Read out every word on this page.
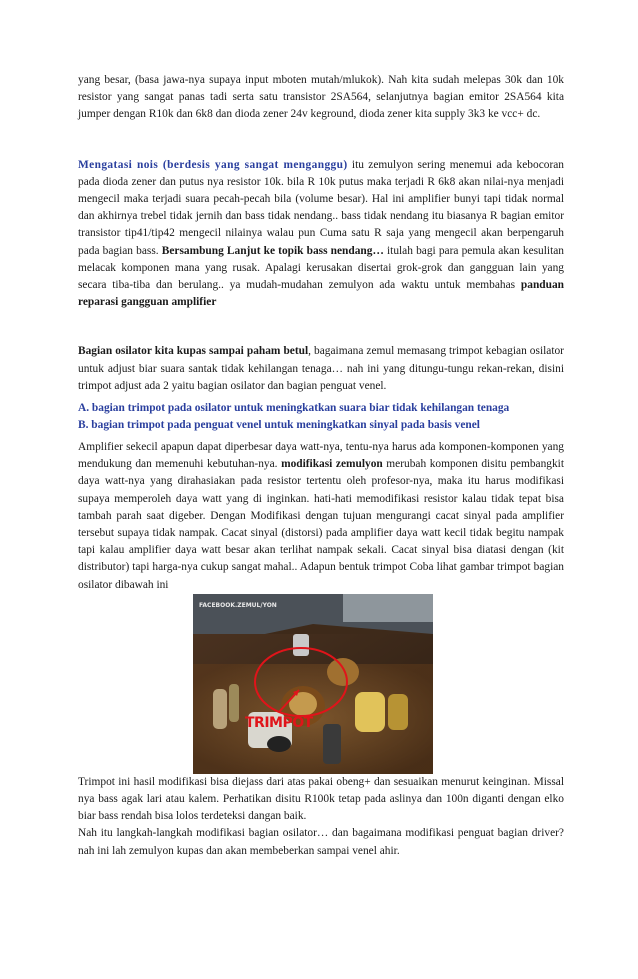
yang besar, (basa jawa-nya supaya input mboten mutah/mlukok). Nah kita sudah melepas 30k dan 10k resistor yang sangat panas tadi serta satu transistor 2SA564, selanjutnya bagian emitor 2SA564 kita jumper dengan R10k dan 6k8 dan dioda zener 24v keground, dioda zener kita supply 3k3 ke vcc+ dc.

Mengatasi nois (berdesis yang sangat menganggu) itu zemulyon sering menemui ada kebocoran pada dioda zener dan putus nya resistor 10k. bila R 10k putus maka terjadi R 6k8 akan nilai-nya menjadi mengecil maka terjadi suara pecah-pecah bila (volume besar). Hal ini amplifier bunyi tapi tidak normal dan akhirnya trebel tidak jernih dan bass tidak nendang.. bass tidak nendang itu biasanya R bagian emitor transistor tip41/tip42 mengecil nilainya walau pun Cuma satu R saja yang mengecil akan berpengaruh pada bagian bass. Bersambung Lanjut ke topik bass nendang… itulah bagi para pemula akan kesulitan melacak komponen mana yang rusak. Apalagi kerusakan disertai grok-grok dan gangguan lain yang secara tiba-tiba dan berulang.. ya mudah-mudahan zemulyon ada waktu untuk membahas panduan reparasi gangguan amplifier

Bagian osilator kita kupas sampai paham betul, bagaimana zemul memasang trimpot kebagian osilator untuk adjust biar suara santak tidak kehilangan tenaga… nah ini yang ditungu-tungu rekan-rekan, disini trimpot adjust ada 2 yaitu bagian osilator dan bagian penguat venel.

A. bagian trimpot pada osilator untuk meningkatkan suara biar tidak kehilangan tenaga
B. bagian trimpot pada penguat venel untuk meningkatkan sinyal pada basis venel

Amplifier sekecil apapun dapat diperbesar daya watt-nya, tentu-nya harus ada komponen-komponen yang mendukung dan memenuhi kebutuhan-nya. modifikasi zemulyon merubah komponen disitu pembangkit daya watt-nya yang dirahasiakan pada resistor tertentu oleh profesor-nya, maka itu harus modifikasi supaya memperoleh daya watt yang di inginkan. hati-hati memodifikasi resistor kalau tidak tepat bisa tambah parah saat digeber. Dengan Modifikasi dengan tujuan mengurangi cacat sinyal pada amplifier tersebut supaya tidak nampak. Cacat sinyal (distorsi) pada amplifier daya watt kecil tidak begitu nampak tapi kalau amplifier daya watt besar akan terlihat nampak sekali. Cacat sinyal bisa diatasi dengan (kit distributor) tapi harga-nya cukup sangat mahal.. Adapun bentuk trimpot Coba lihat gambar trimpot bagian osilator dibawah ini

FACEBOOK.ZEMUL/YON
TRIMPOT

Trimpot ini hasil modifikasi bisa diejass dari atas pakai obeng+ dan sesuaikan menurut keinginan. Missal nya bass agak lari atau kalem. Perhatikan disitu R100k tetap pada aslinya dan 100n diganti dengan elko biar bass rendah bisa lolos terdeteksi dangan baik.

Nah itu langkah-langkah modifikasi bagian osilator… dan bagaimana modifikasi penguat bagian driver? nah ini lah zemulyon kupas dan akan membeberkan sampai venel ahir.
